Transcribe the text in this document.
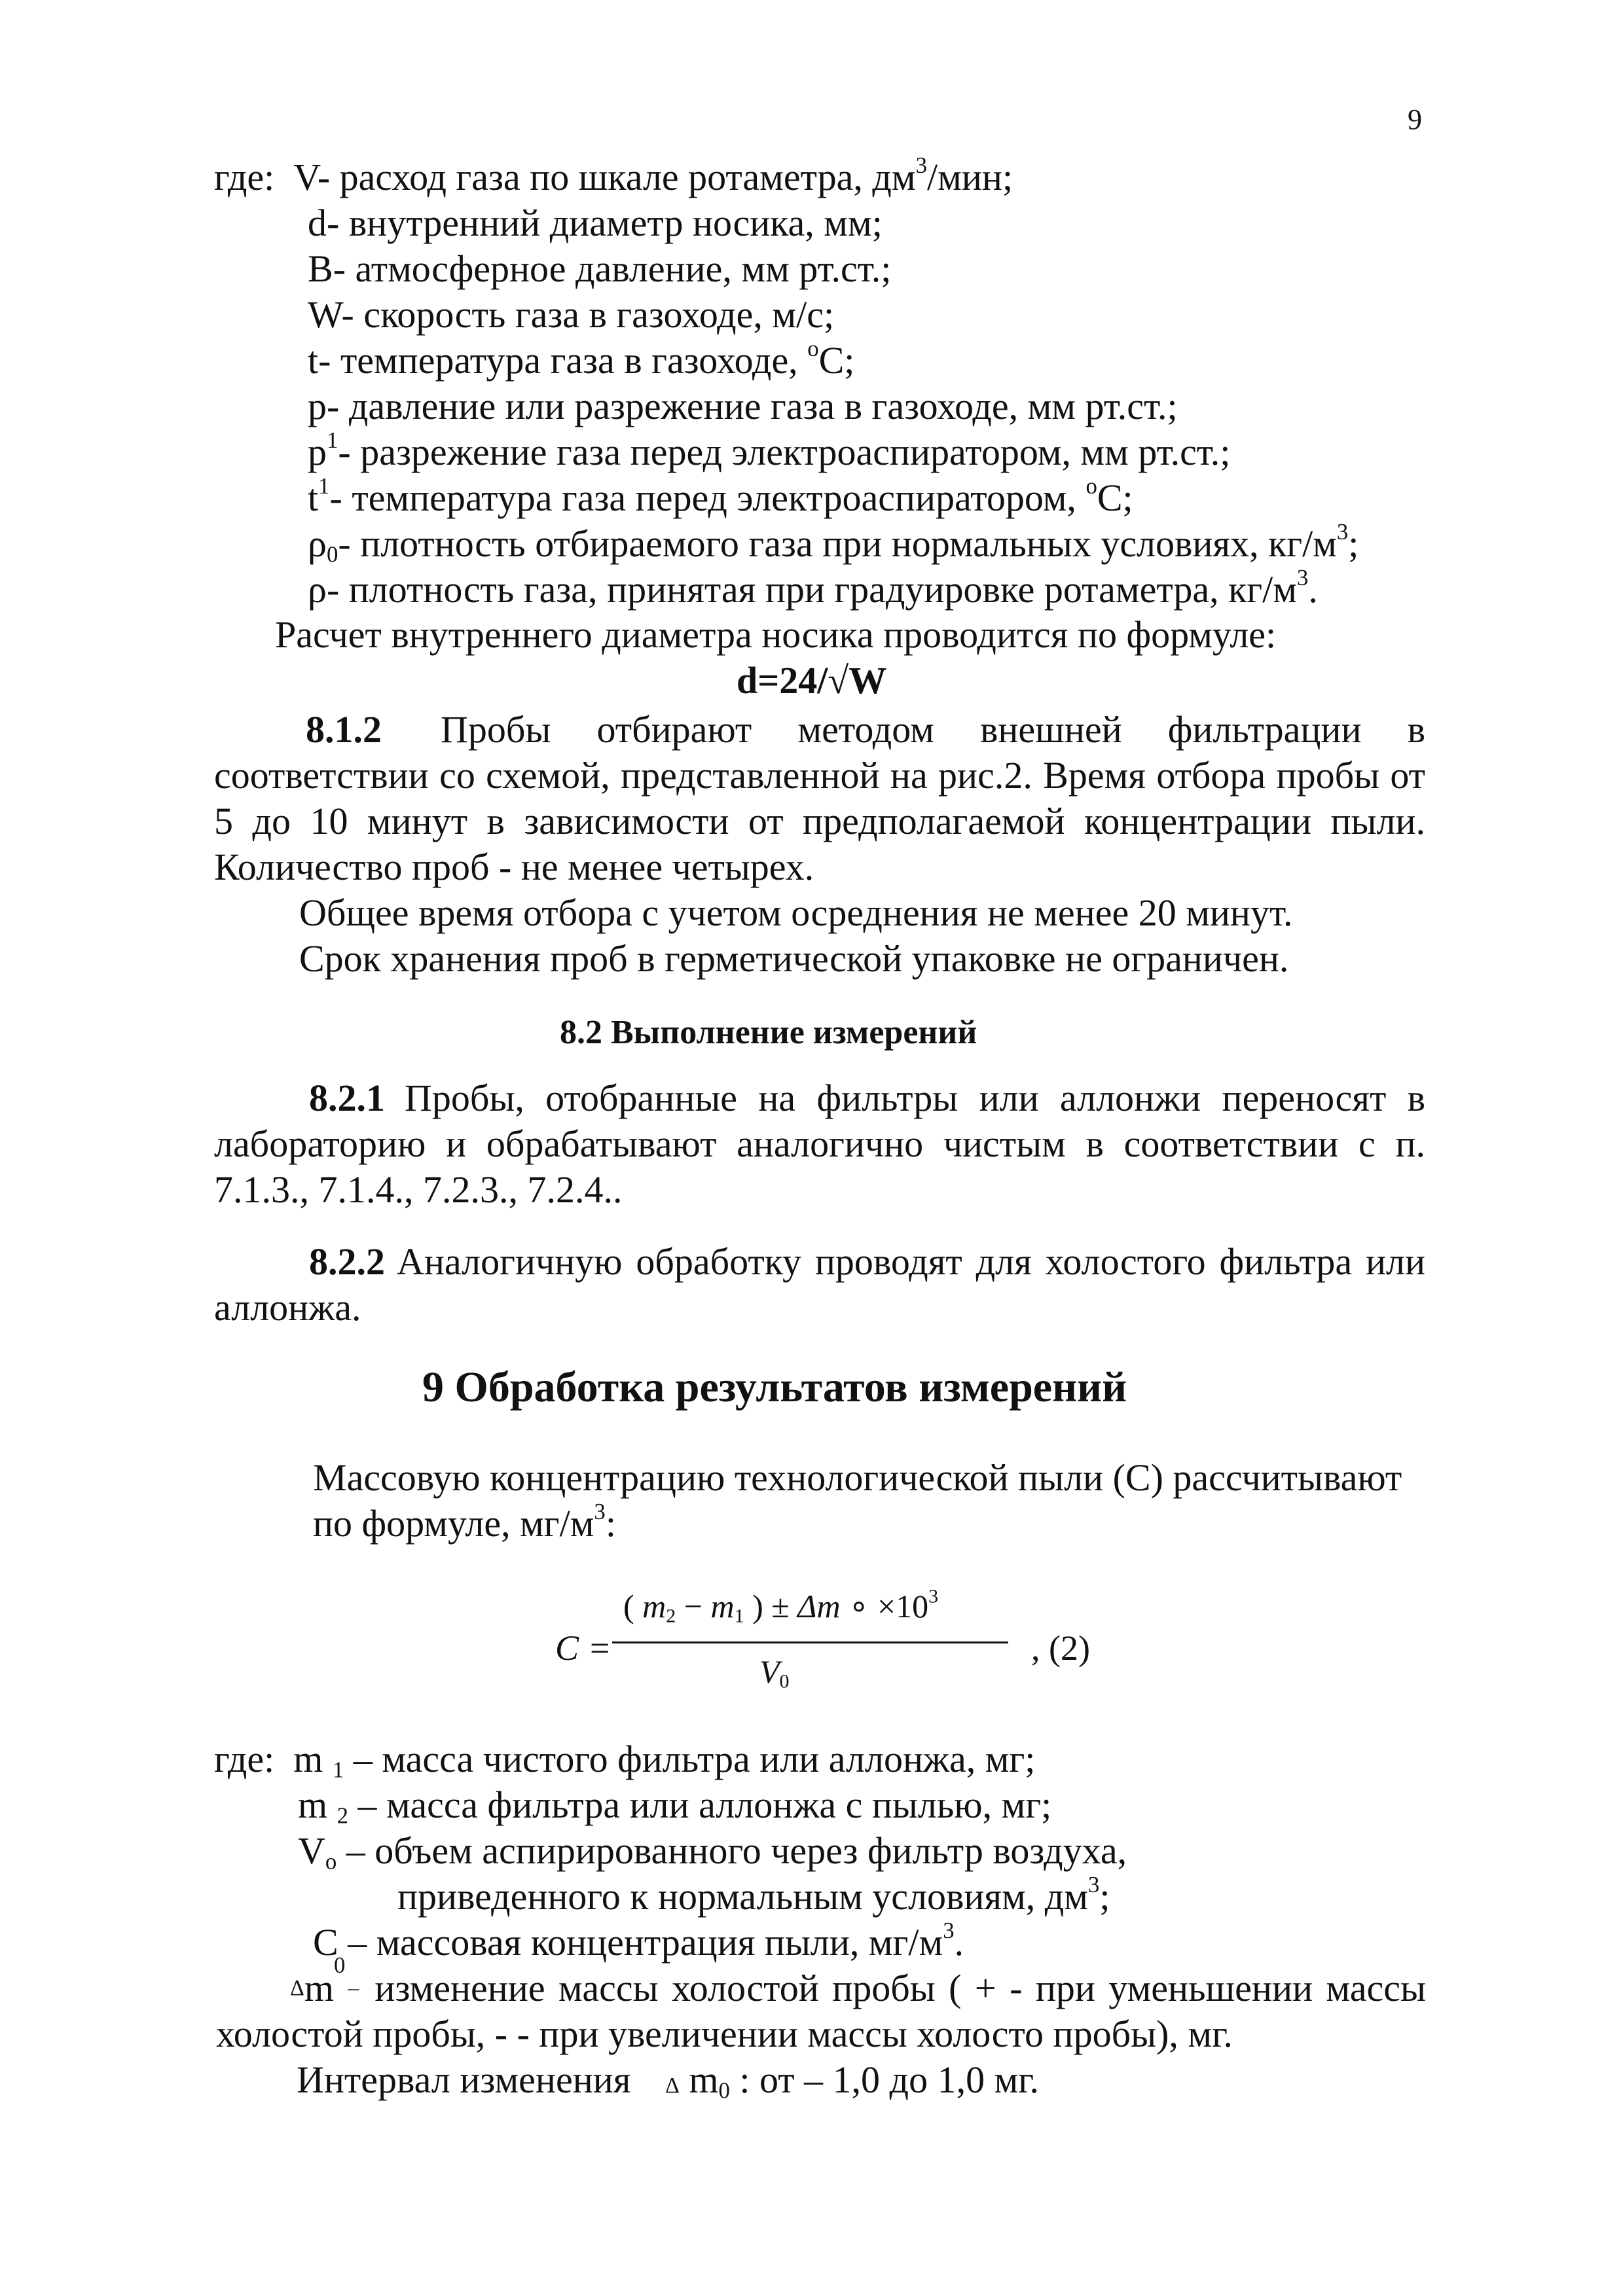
9
где: V- расход газа по шкале ротаметра, $дм^3$/мин;
d- внутренний диаметр носика, мм;
В- атмосферное давление, мм рт.ст.;
W- скорость газа в газоходе, м/с;
t- температура газа в газоходе, $^o$С;
р- давление или разрежение газа в газоходе, мм рт.ст.;
$р^1-$ разрежение газа перед электроаспиратором, мм рт.ст.;
$t^1-$ температура газа перед электроаспиратором, $^o$С;
$\rho_0-$ плотность отбираемого газа при нормальных условиях, $кг/м^3$;
ρ- плотность газа, принятая при градуировке ротаметра, $кг/м^3$.
Расчет внутреннего диаметра носика проводится по формуле:
d=24/√W
8.1.2 Пробы отбирают методом внешней фильтрации в
соответствии со схемой, представленной на рис.2. Время отбора пробы от
5 до 10 минут в зависимости от предполагаемой концентрации пыли.
Количество проб - не менее четырех.
Общее время отбора с учетом осреднения не менее 20 минут.
Срок хранения проб в герметической упаковке не ограничен.
8.2 Выполнение измерений
8.2.1 Пробы, отобранные на фильтры или аллонжи переносят в
лабораторию и обрабатывают аналогично чистым в соответствии с п.
7.1.3., 7.1.4., 7.2.3., 7.2.4..
8.2.2 Аналогичную обработку проводят для холостого фильтра или
аллонжа.
9 Обработка результатов измерений
Массовую концентрацию технологической пыли (С) рассчитывают
по формуле, $мг/м^3$:
C =
( $m_2 - m_1$ ) ± Δm ∘ $\times 10^3$
$V_0$
, (2)
где: m $_1$ – масса чистого фильтра или аллонжа, мг;
m $_2$ – масса фильтра или аллонжа с пылью, мг;
$V_о$ – объем аспирированного через фильтр воздуха,
приведенного к нормальным условиям, $дм^3$;
С – массовая концентрация пыли, $мг/м^3$.
Δ m
0
– изменение массы холостой пробы ( + - при уменьшении массы
холостой пробы, - - при увеличении массы холосто пробы), мг.
Интервал изменения Δ $m_0$ : от – 1,0 до 1,0 мг.
